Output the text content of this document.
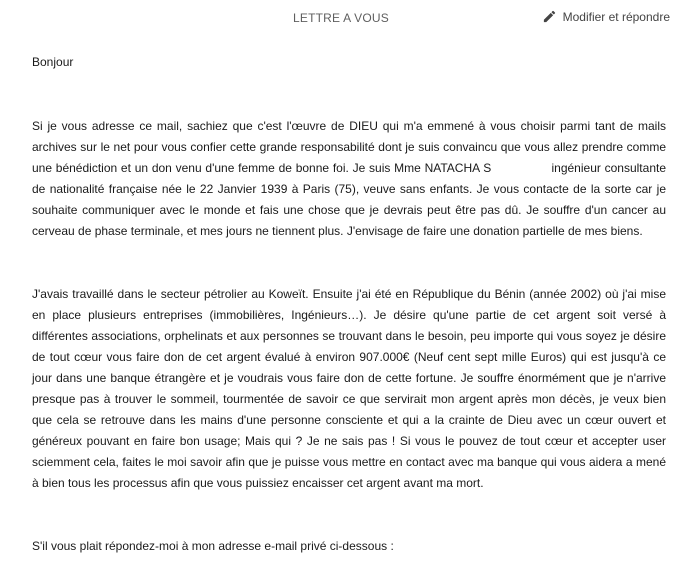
LETTRE A VOUS	Modifier et répondre

Bonjour

Si je vous adresse ce mail, sachiez que c'est l'œuvre de DIEU qui m'a emmené à vous choisir parmi tant de mails archives sur le net pour vous confier cette grande responsabilité dont je suis convaincu que vous allez prendre comme une bénédiction et un don venu d'une femme de bonne foi. Je suis Mme NATACHA S                ingénieur consultante de nationalité française née le 22 Janvier 1939 à Paris (75), veuve sans enfants. Je vous contacte de la sorte car je souhaite communiquer avec le monde et fais une chose que je devrais peut être pas dû. Je souffre d'un cancer au cerveau de phase terminale, et mes jours ne tiennent plus. J'envisage de faire une donation partielle de mes biens.

J'avais travaillé dans le secteur pétrolier au Koweït. Ensuite j'ai été en République du Bénin (année 2002) où j'ai mise en place plusieurs entreprises (immobilières, Ingénieurs…). Je désire qu'une partie de cet argent soit versé à différentes associations, orphelinats et aux personnes se trouvant dans le besoin, peu importe qui vous soyez je désire de tout cœur vous faire don de cet argent évalué à environ 907.000€ (Neuf cent sept mille Euros) qui est jusqu'à ce jour dans une banque étrangère et je voudrais vous faire don de cette fortune. Je souffre énormément que je n'arrive presque pas à trouver le sommeil, tourmentée de savoir ce que servirait mon argent après mon décès, je veux bien que cela se retrouve dans les mains d'une personne consciente et qui a la crainte de Dieu avec un cœur ouvert et généreux pouvant en faire bon usage; Mais qui ? Je ne sais pas ! Si vous le pouvez de tout cœur et accepter user sciemment cela, faites le moi savoir afin que je puisse vous mettre en contact avec ma banque qui vous aidera a mené à bien tous les processus afin que vous puissiez encaisser cet argent avant ma mort.

S'il vous plait répondez-moi à mon adresse e-mail privé ci-dessous :
